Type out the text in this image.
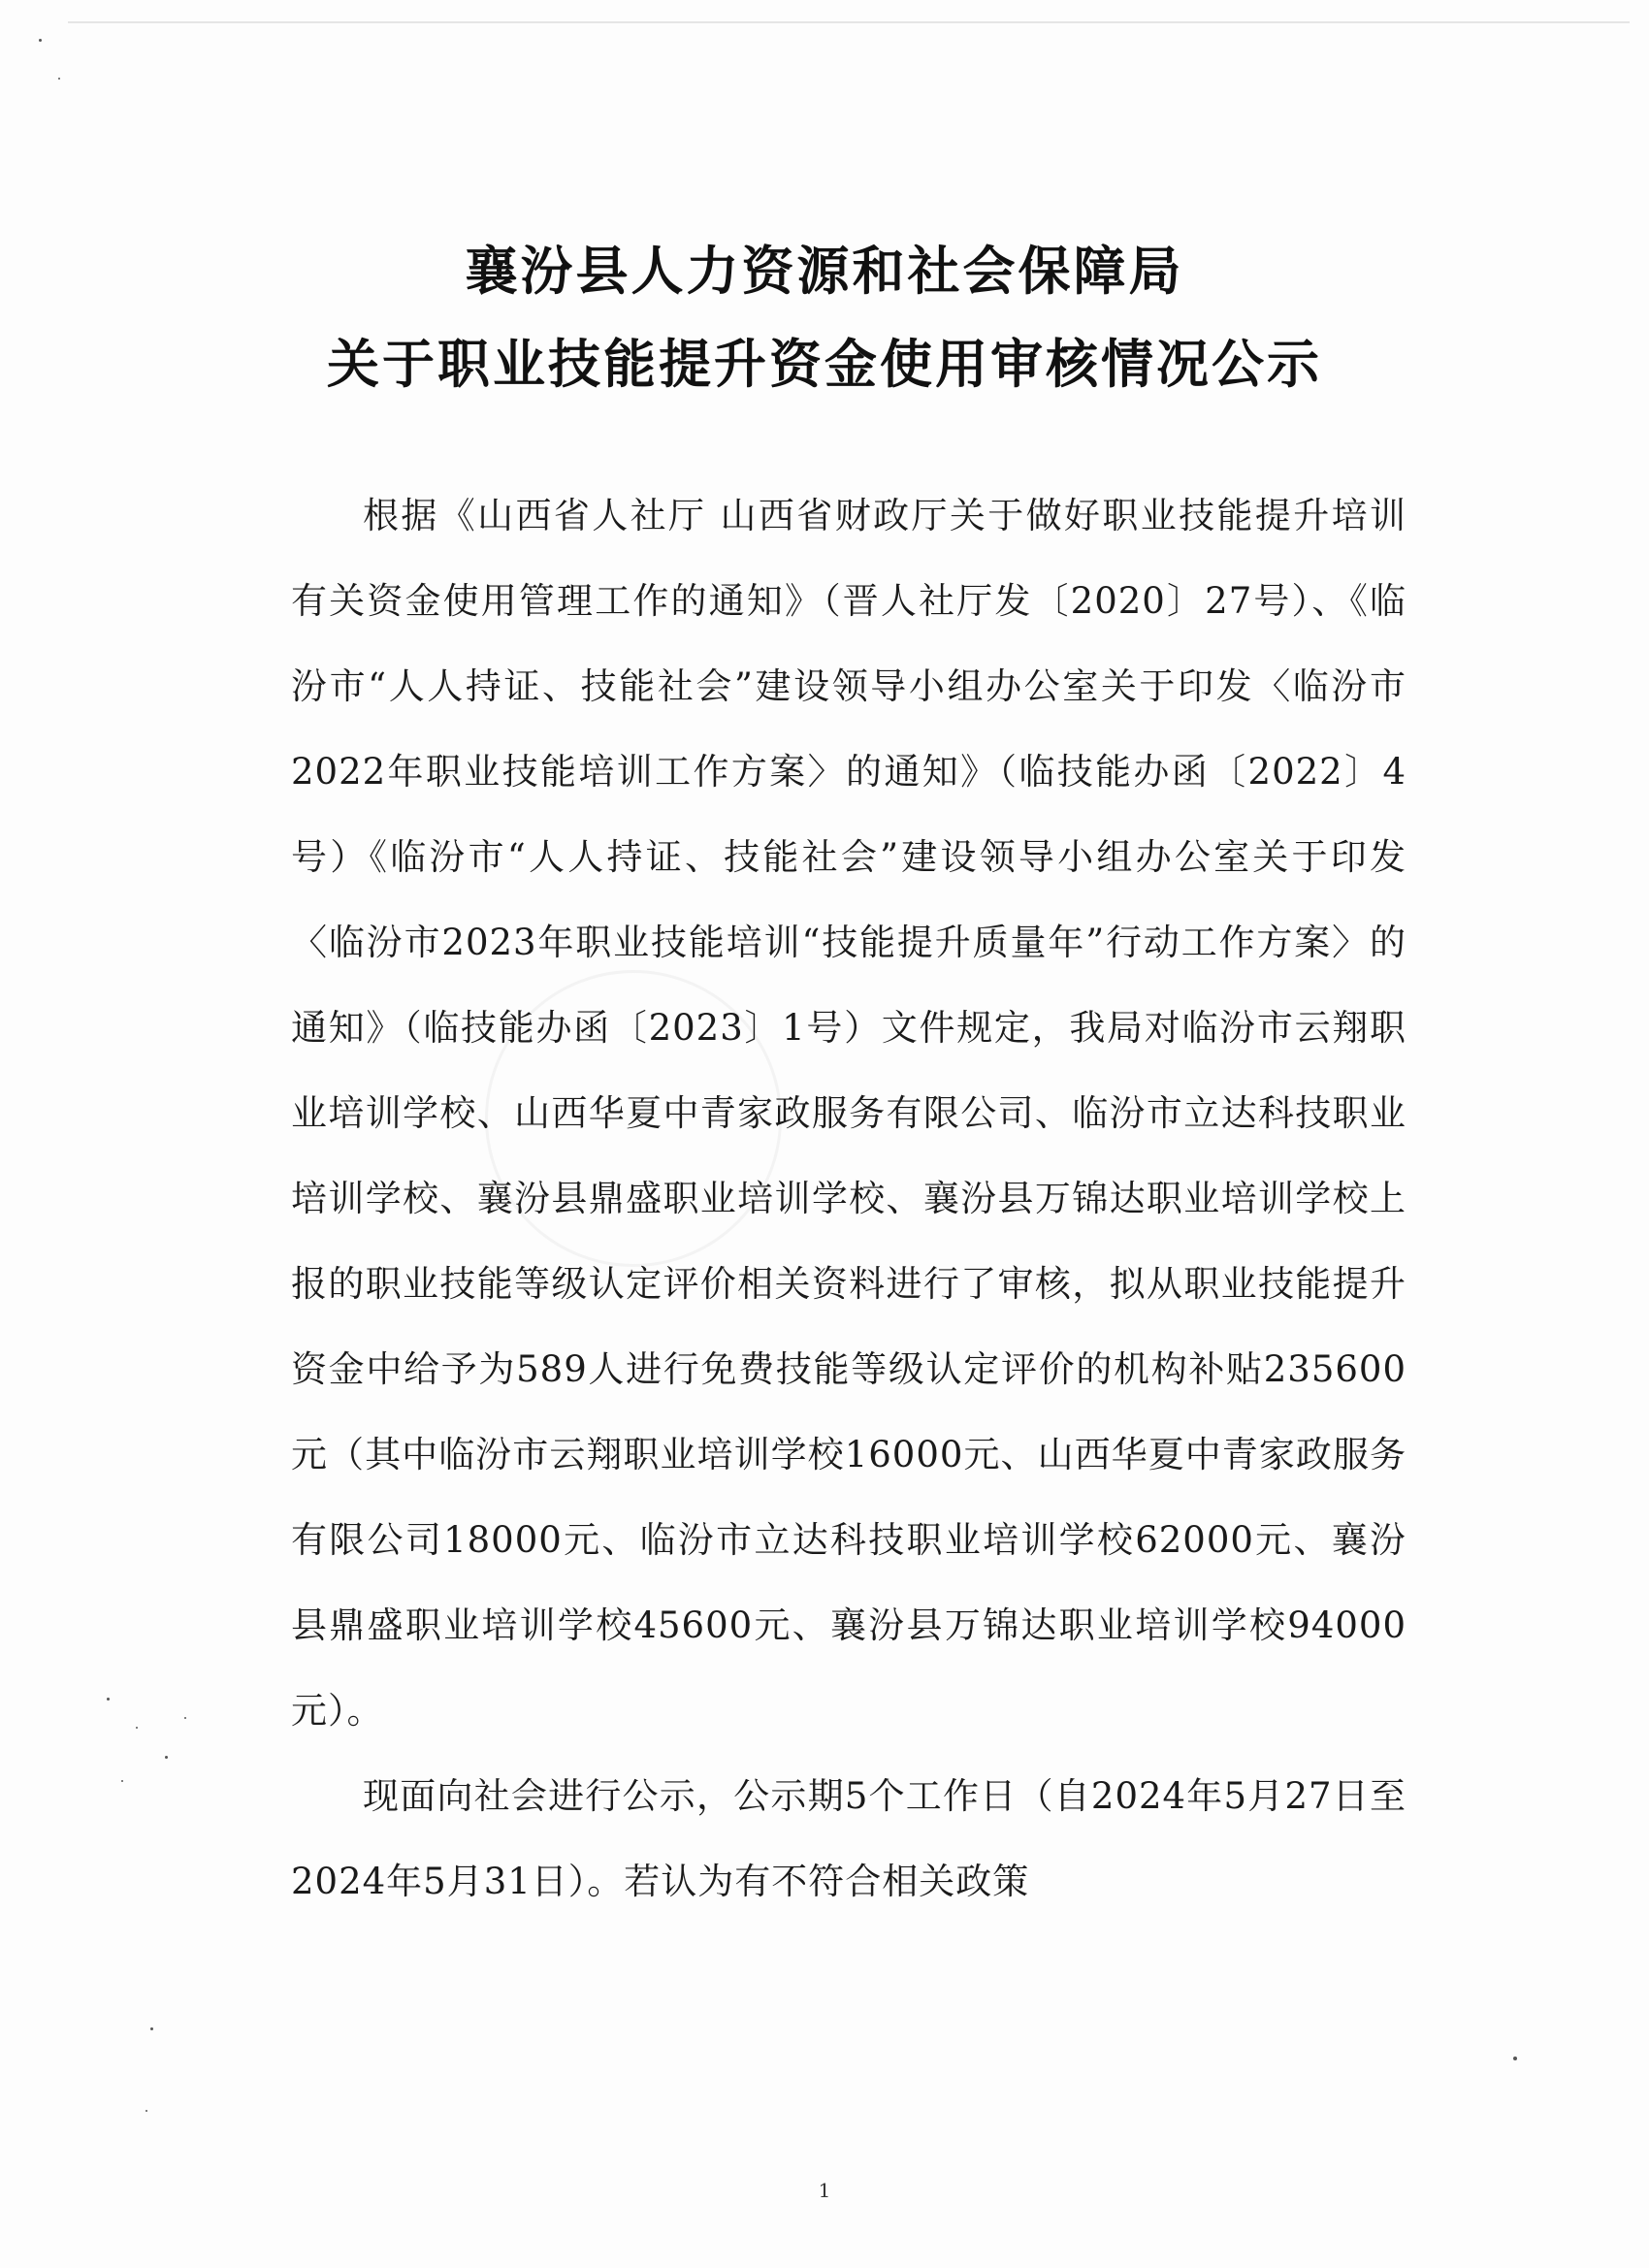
襄汾县人力资源和社会保障局
关于职业技能提升资金使用审核情况公示

根据《山西省人社厅 山西省财政厅关于做好职业技能提升培训有关资金使用管理工作的通知》（晋人社厅发〔2020〕27号）、《临汾市“人人持证、技能社会”建设领导小组办公室关于印发〈临汾市2022年职业技能培训工作方案〉的通知》（临技能办函〔2022〕4号）《临汾市“人人持证、技能社会”建设领导小组办公室关于印发〈临汾市2023年职业技能培训“技能提升质量年”行动工作方案〉的通知》（临技能办函〔2023〕1号）文件规定，我局对临汾市云翔职业培训学校、山西华夏中青家政服务有限公司、临汾市立达科技职业培训学校、襄汾县鼎盛职业培训学校、襄汾县万锦达职业培训学校上报的职业技能等级认定评价相关资料进行了审核，拟从职业技能提升资金中给予为589人进行免费技能等级认定评价的机构补贴235600元（其中临汾市云翔职业培训学校16000元、山西华夏中青家政服务有限公司18000元、临汾市立达科技职业培训学校62000元、襄汾县鼎盛职业培训学校45600元、襄汾县万锦达职业培训学校94000元）。

现面向社会进行公示，公示期5个工作日（自2024年5月27日至2024年5月31日）。若认为有不符合相关政策

1
